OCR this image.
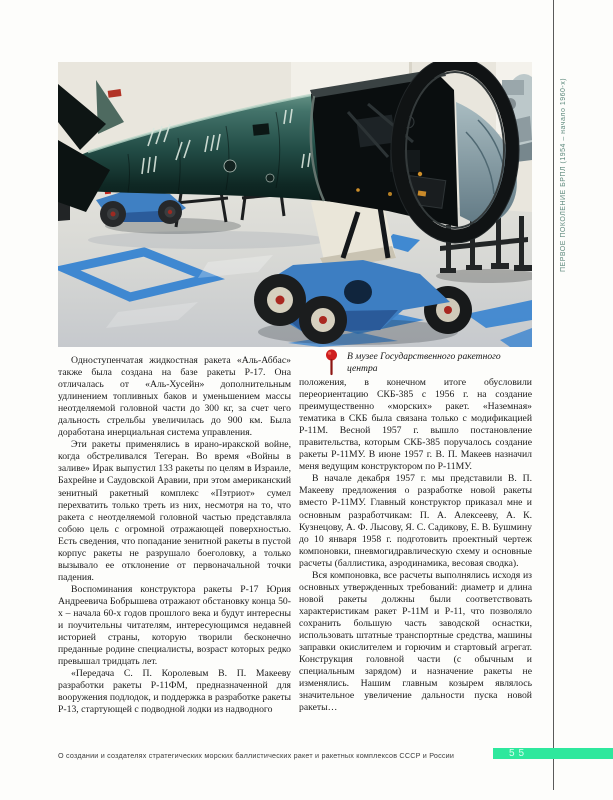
ПЕРВОЕ ПОКОЛЕНИЕ БРПЛ (1954 – начало 1960-х)
В музее Государственного ракетного центра

Одноступенчатая жидкостная ракета «Аль-Аббас» также была создана на базе ракеты Р-17. Она отличалась от «Аль-Хусейн» дополнительным удлинением топливных баков и уменьшением массы неотделяемой головной части до 300 кг, за счет чего дальность стрельбы увеличилась до 900 км. Была доработана инерциальная система управления.

Эти ракеты применялись в ирано-иракской войне, когда обстреливался Тегеран. Во время «Войны в заливе» Ирак выпустил 133 ракеты по целям в Израиле, Бахрейне и Саудовской Аравии, при этом американский зенитный ракетный комплекс «Пэтриот» сумел перехватить только треть из них, несмотря на то, что ракета с неотделяемой головной частью представляла собою цель с огромной отражающей поверхностью. Есть сведения, что попадание зенитной ракеты в пустой корпус ракеты не разрушало боеголовку, а только вызывало ее отклонение от первоначальной точки падения.

Воспоминания конструктора ракеты Р-17 Юрия Андреевича Бобрышева отражают обстановку конца 50-х – начала 60-х годов прошлого века и будут интересны и поучительны читателям, интересующимся недавней историей страны, которую творили бесконечно преданные родине специалисты, возраст которых редко превышал тридцать лет.

«Передача С. П. Королевым В. П. Макееву разработки ракеты Р-11ФМ, предназначенной для вооружения подлодок, и поддержка в разработке ракеты Р-13, стартующей с подводной лодки из надводного

положения, в конечном итоге обусловили переориентацию СКБ-385 с 1956 г. на создание преимущественно «морских» ракет. «Наземная» тематика в СКБ была связана только с модификацией Р-11М. Весной 1957 г. вышло постановление правительства, которым СКБ-385 поручалось создание ракеты Р-11МУ. В июне 1957 г. В. П. Макеев назначил меня ведущим конструктором по Р-11МУ.

В начале декабря 1957 г. мы представили В. П. Макееву предложения о разработке новой ракеты вместо Р-11МУ. Главный конструктор приказал мне и основным разработчикам: П. А. Алексееву, А. К. Кузнецову, А. Ф. Лысову, Я. С. Садикову, Е. В. Бушмину до 10 января 1958 г. подготовить проектный чертеж компоновки, пневмогидравлическую схему и основные расчеты (баллистика, аэродинамика, весовая сводка).

Вся компоновка, все расчеты выполнялись исходя из основных утвержденных требований: диаметр и длина новой ракеты должны были соответствовать характеристикам ракет Р-11М и Р-11, что позволяло сохранить большую часть заводской оснастки, использовать штатные транспортные средства, машины заправки окислителем и горючим и стартовый агрегат. Конструкция головной части (с обычным и специальным зарядом) и назначение ракеты не изменялись. Нашим главным козырем являлось значительное увеличение дальности пуска новой ракеты…

О создании и создателях стратегических морских баллистических ракет и ракетных комплексов СССР и России	55
